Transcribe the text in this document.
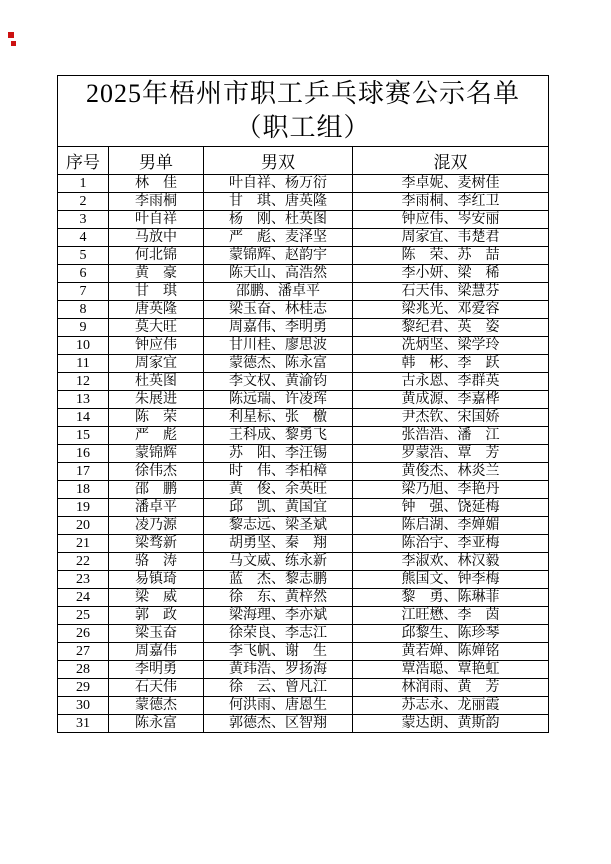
2025年梧州市职工乒乓球赛公示名单
（职工组）			
序号	男单	男双	混双
1	林　佳	叶自祥、杨万衍	李卓妮、麦树佳
2	李雨桐	甘　琪、唐英隆	李雨桐、李红卫
3	叶自祥	杨　刚、杜英图	钟应伟、岑安丽
4	马放中	严　彪、麦泽坚	周家宜、韦楚君
5	何北锦	蒙锦辉、赵韵宇	陈　荣、苏　喆
6	黄　豪	陈天山、高浩然	李小妍、梁　稀
7	甘　琪	邵鹏、潘卓平	石天伟、梁慧芬
8	唐英隆	梁玉奋、林桂志	梁兆光、邓爱容
9	莫大旺	周嘉伟、李明勇	黎纪君、英　姿
10	钟应伟	甘川桂、廖思波	冼炳坚、梁学玲
11	周家宜	蒙德杰、陈永富	韩　彬、李　跃
12	杜英图	李文权、黄渝钧	古永恩、李群英
13	朱展进	陈远瑞、许凌珲	黄成源、李嘉桦
14	陈　荣	利星标、张　檄	尹杰钦、宋国娇
15	严　彪	王科成、黎勇飞	张浩浩、潘　江
16	蒙锦辉	苏　阳、李汪锡	罗蒙浩、覃　芳
17	徐伟杰	时　伟、李柏樟	黄俊杰、林炎兰
18	邵　鹏	黄　俊、余英旺	梁乃旭、李艳丹
19	潘卓平	邱　凯、黄国宜	钟　强、饶延梅
20	凌乃源	黎志远、梁圣斌	陈启湖、李婵媚
21	梁骛新	胡勇坚、秦　翔	陈治宇、李亚梅
22	骆　涛	马文威、练永新	李淑欢、林汉毅
23	易镇琦	蓝　杰、黎志鹏	熊国文、钟李梅
24	梁　威	徐　东、黄梓然	黎　勇、陈琳菲
25	郭　政	梁海理、李亦斌	江旺懋、李　茵
26	梁玉奋	徐荣良、李志江	邱黎生、陈珍琴
27	周嘉伟	李飞帆、谢　生	黄若婵、陈婵铭
28	李明勇	黄玮浩、罗扬海	覃浩聪、覃艳虹
29	石天伟	徐　云、曾凡江	林润雨、黄　芳
30	蒙德杰	何洪雨、唐恩生	苏志永、龙丽霞
31	陈永富	郭德杰、区智翔	蒙达朗、黄斯韵
